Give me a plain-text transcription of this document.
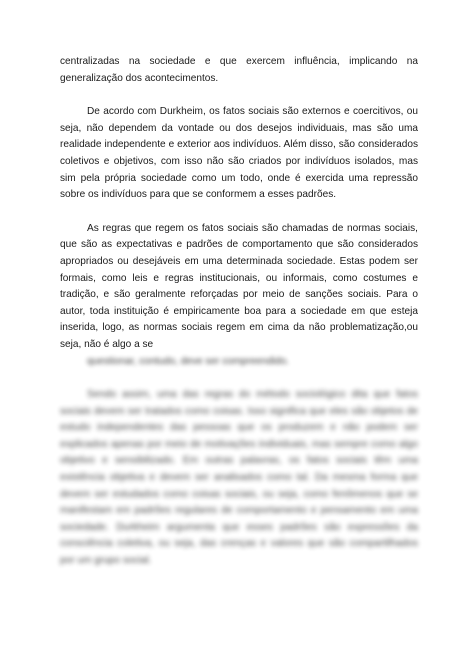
centralizadas na sociedade e que exercem influência, implicando na generalização dos acontecimentos.

De acordo com Durkheim, os fatos sociais são externos e coercitivos, ou seja, não dependem da vontade ou dos desejos individuais, mas são uma realidade independente e exterior aos indivíduos. Além disso, são considerados coletivos e objetivos, com isso não são criados por indivíduos isolados, mas sim pela própria sociedade como um todo, onde é exercida uma repressão sobre os indivíduos para que se conformem a esses padrões.

As regras que regem os fatos sociais são chamadas de normas sociais, que são as expectativas e padrões de comportamento que são considerados apropriados ou desejáveis em uma determinada sociedade. Estas podem ser formais, como leis e regras institucionais, ou informais, como costumes e tradição, e são geralmente reforçadas por meio de sanções sociais. Para o autor, toda instituição é empiricamente boa para a sociedade em que esteja inserida, logo, as normas sociais regem em cima da não problematização,ou seja, não é algo a se
questionar, contudo, deve ser compreendido.

Sendo assim, uma das regras do método sociológico dita que fatos sociais devem ser tratados como coisas. Isso significa que eles são objetos de estudo independentes das pessoas que os produzem e não podem ser explicados apenas por meio de motivações individuais, mas sempre como algo objetivo e sensibilizado. Em outras palavras, os fatos sociais têm uma existência objetiva e devem ser analisados como tal. Da mesma forma que devem ser estudados como coisas sociais, ou seja, como fenômenos que se manifestam em padrões regulares de comportamento e pensamento em uma sociedade. Durkheim argumenta que esses padrões são expressões da consciência coletiva, ou seja, das crenças e valores que são compartilhados por um grupo social.
